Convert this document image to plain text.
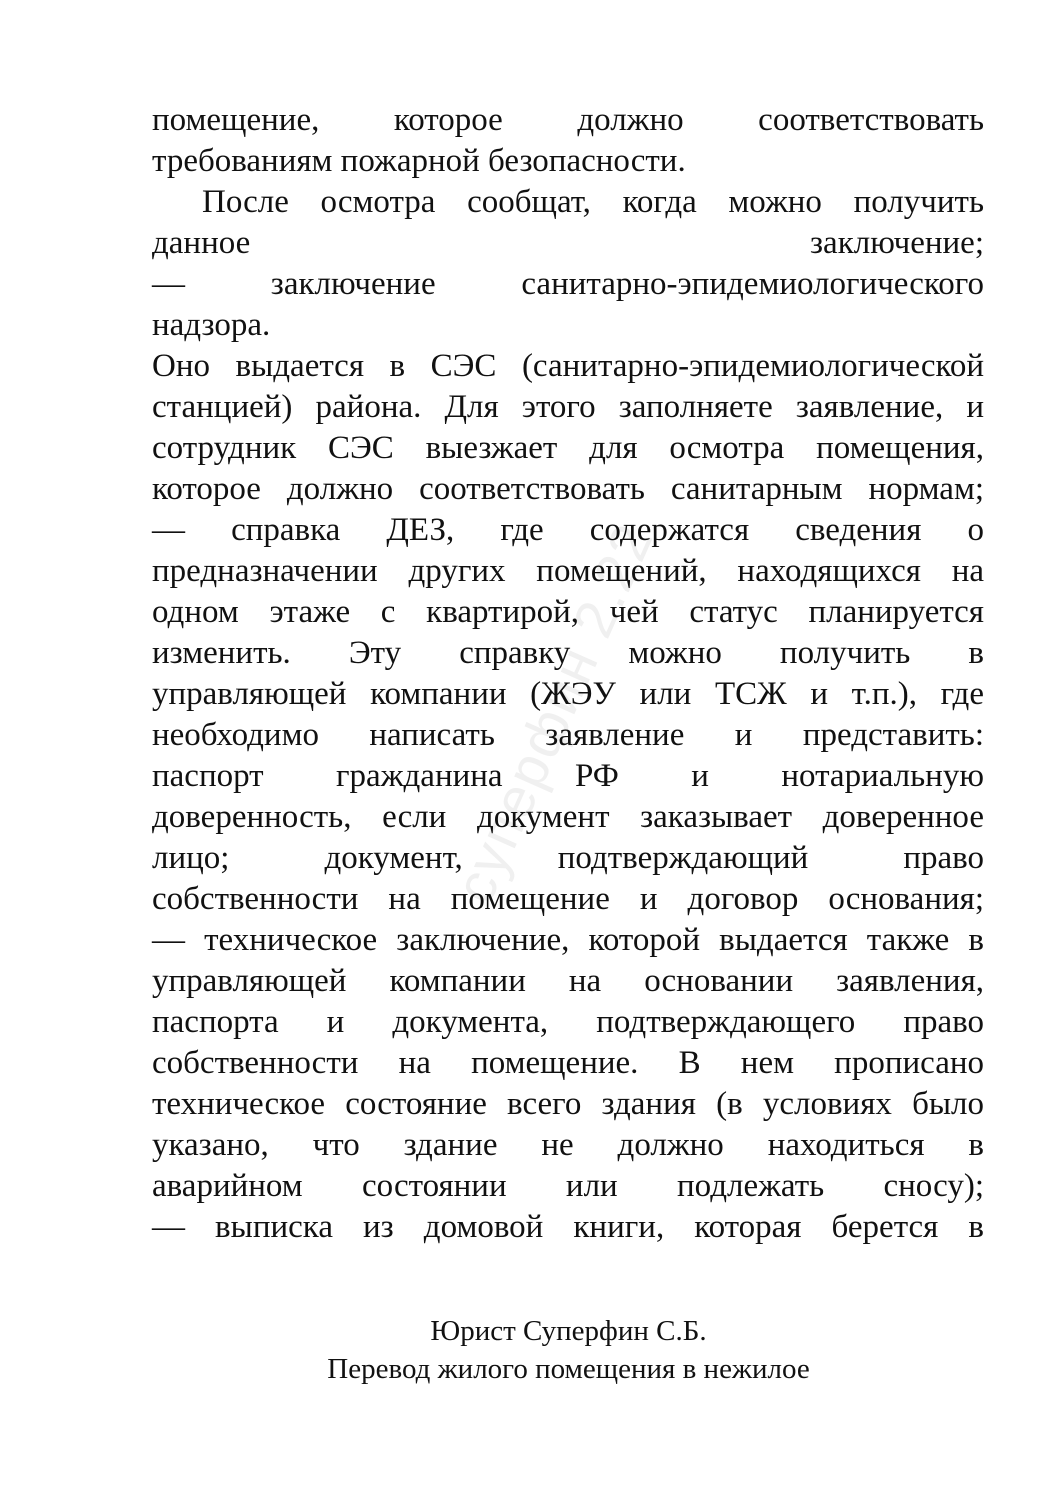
суперфин 2.22
помещение, которое должно соответствовать
требованиям пожарной безопасности.
После осмотра сообщат, когда можно получить
данное заключение;
— заключение санитарно-эпидемиологического
надзора.
Оно выдается в СЭС (санитарно-эпидемиологической
станцией) района. Для этого заполняете заявление, и
сотрудник СЭС выезжает для осмотра помещения,
которое должно соответствовать санитарным нормам;
— справка ДЕЗ, где содержатся сведения о
предназначении других помещений, находящихся на
одном этаже с квартирой, чей статус планируется
изменить. Эту справку можно получить в
управляющей компании (ЖЭУ или ТСЖ и т.п.), где
необходимо написать заявление и представить:
паспорт гражданина РФ и нотариальную
доверенность, если документ заказывает доверенное
лицо; документ, подтверждающий право
собственности на помещение и договор основания;
— техническое заключение, которой выдается также в
управляющей компании на основании заявления,
паспорта и документа, подтверждающего право
собственности на помещение. В нем прописано
техническое состояние всего здания (в условиях было
указано, что здание не должно находиться в
аварийном состоянии или подлежать сносу);
— выписка из домовой книги, которая берется в
Юрист Суперфин С.Б.
Перевод жилого помещения в нежилое
